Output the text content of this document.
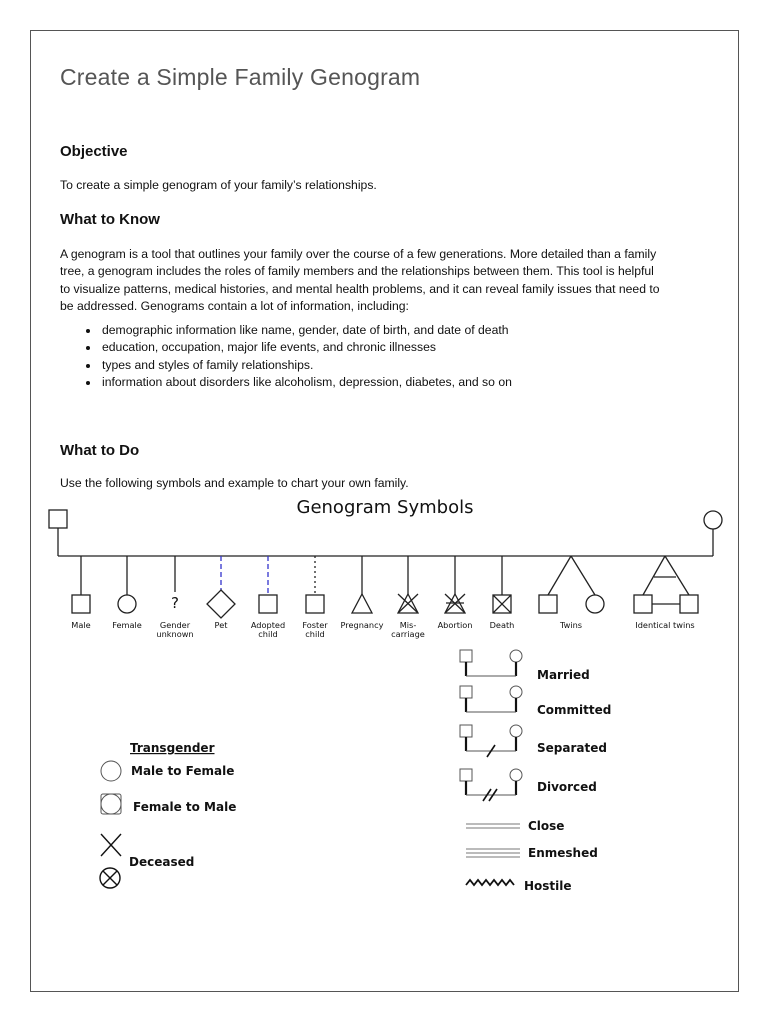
Create a Simple Family Genogram
Objective

To create a simple genogram of your family’s relationships.

What to Know

A genogram is a tool that outlines your family over the course of a few generations. More detailed than a family tree, a genogram includes the roles of family members and the relationships between them. This tool is helpful to visualize patterns, medical histories, and mental health problems, and it can reveal family issues that need to be addressed. Genograms contain a lot of information, including:

• demographic information like name, gender, date of birth, and date of death
• education, occupation, major life events, and chronic illnesses
• types and styles of family relationships.
• information about disorders like alcoholism, depression, diabetes, and so on
What to Do

Use the following symbols and example to chart your own family.

Genogram Symbols
?
Male	Female Gender
unknown
Pet	Adopted
child
Foster
child
Pregnancy Mis-
carriage
Abortion Death	Twins	Identical twins
Married
Committed
Separated
Divorced
Close
Enmeshed
Hostile
Transgender
Male to Female
Female to Male
Deceased
